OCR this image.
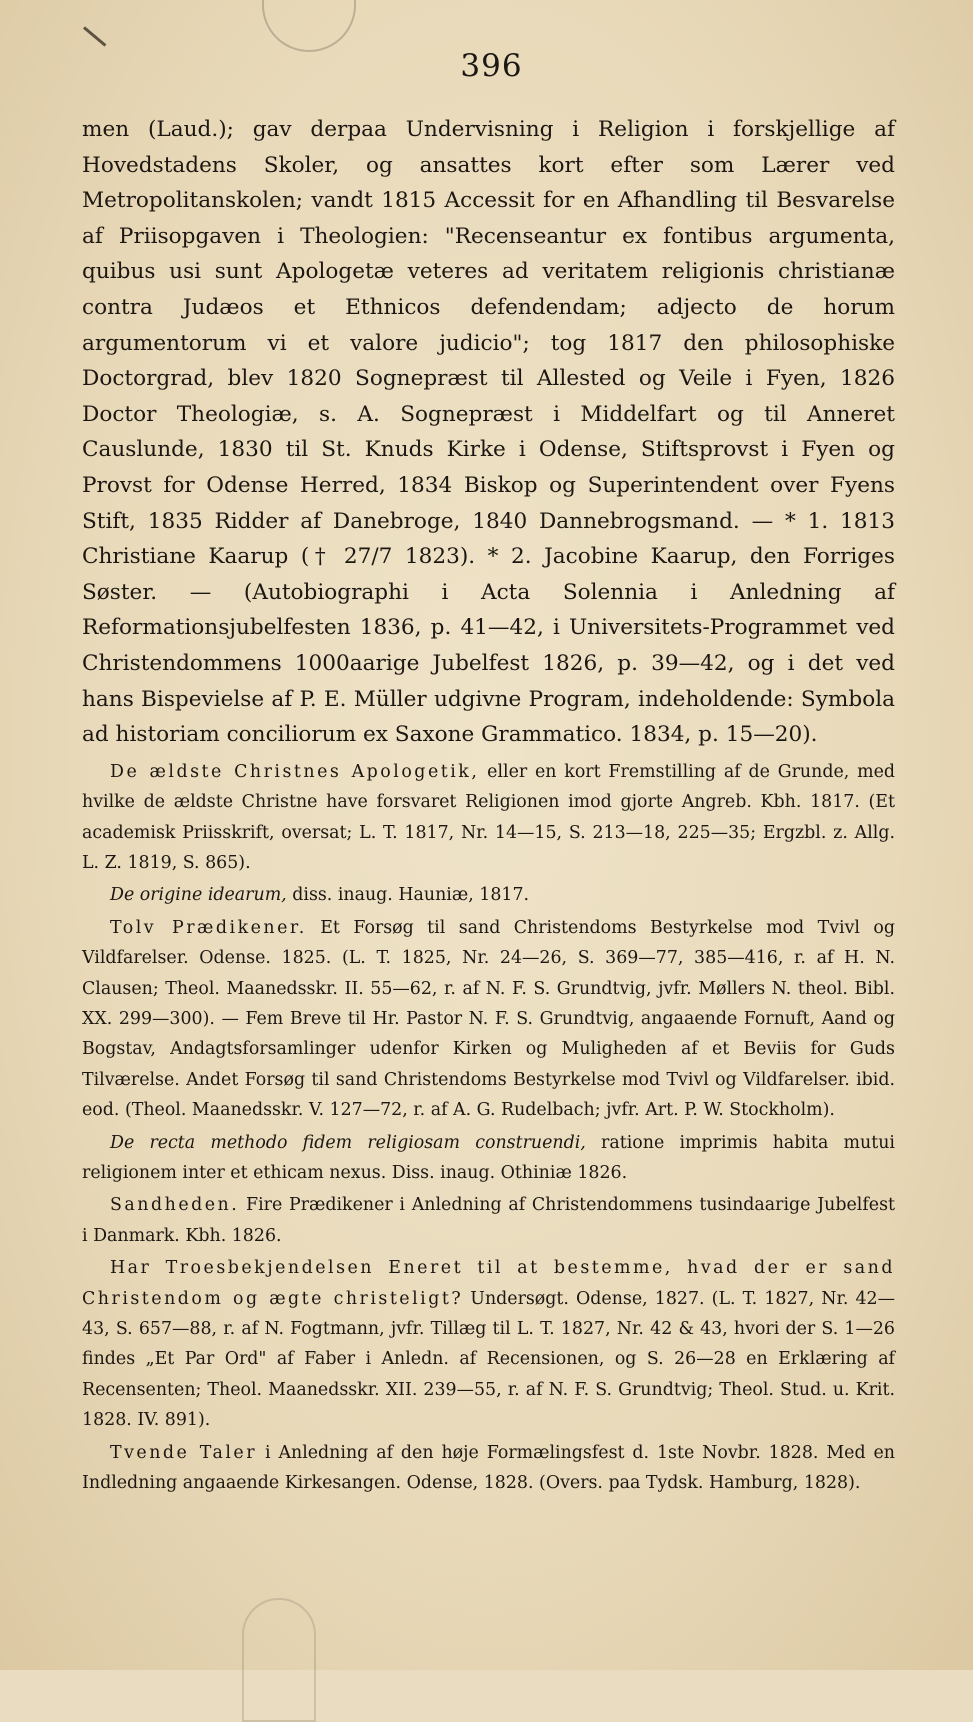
396

men (Laud.); gav derpaa Undervisning i Religion i forskjellige af Hovedstadens Skoler, og ansattes kort efter som Lærer ved Metropolitanskolen; vandt 1815 Accessit for en Afhandling til Besvarelse af Priisopgaven i Theologien: "Recenseantur ex fontibus argumenta, quibus usi sunt Apologetæ veteres ad veritatem religionis christianæ contra Judæos et Ethnicos defendendam; adjecto de horum argumentorum vi et valore judicio"; tog 1817 den philosophiske Doctorgrad, blev 1820 Sognepræst til Allested og Veile i Fyen, 1826 Doctor Theologiæ, s. A. Sognepræst i Middelfart og til Anneret Causlunde, 1830 til St. Knuds Kirke i Odense, Stiftsprovst i Fyen og Provst for Odense Herred, 1834 Biskop og Superintendent over Fyens Stift, 1835 Ridder af Danebroge, 1840 Dannebrogsmand. — * 1. 1813 Christiane Kaarup († 27/7 1823). * 2. Jacobine Kaarup, den Forriges Søster. — (Autobiographi i Acta Solennia i Anledning af Reformationsjubelfesten 1836, p. 41—42, i Universitets-Programmet ved Christendommens 1000aarige Jubelfest 1826, p. 39—42, og i det ved hans Bispevielse af P. E. Müller udgivne Program, indeholdende: Symbola ad historiam conciliorum ex Saxone Grammatico. 1834, p. 15—20).

De ældste Christnes Apologetik, eller en kort Fremstilling af de Grunde, med hvilke de ældste Christne have forsvaret Religionen imod gjorte Angreb. Kbh. 1817. (Et academisk Priisskrift, oversat; L. T. 1817, Nr. 14—15, S. 213—18, 225—35; Ergzbl. z. Allg. L. Z. 1819, S. 865).

De origine idearum, diss. inaug. Hauniæ, 1817.

Tolv Prædikener. Et Forsøg til sand Christendoms Bestyrkelse mod Tvivl og Vildfarelser. Odense. 1825. (L. T. 1825, Nr. 24—26, S. 369—77, 385—416, r. af H. N. Clausen; Theol. Maanedsskr. II. 55—62, r. af N. F. S. Grundtvig, jvfr. Møllers N. theol. Bibl. XX. 299—300). — Fem Breve til Hr. Pastor N. F. S. Grundtvig, angaaende Fornuft, Aand og Bogstav, Andagtsforsamlinger udenfor Kirken og Muligheden af et Beviis for Guds Tilværelse. Andet Forsøg til sand Christendoms Bestyrkelse mod Tvivl og Vildfarelser. ibid. eod. (Theol. Maanedsskr. V. 127—72, r. af A. G. Rudelbach; jvfr. Art. P. W. Stockholm).

De recta methodo fidem religiosam construendi, ratione imprimis habita mutui religionem inter et ethicam nexus. Diss. inaug. Othiniæ 1826.

Sandheden. Fire Prædikener i Anledning af Christendommens tusindaarige Jubelfest i Danmark. Kbh. 1826.

Har Troesbekjendelsen Eneret til at bestemme, hvad der er sand Christendom og ægte christeligt? Undersøgt. Odense, 1827. (L. T. 1827, Nr. 42—43, S. 657—88, r. af N. Fogtmann, jvfr. Tillæg til L. T. 1827, Nr. 42 & 43, hvori der S. 1—26 findes „Et Par Ord" af Faber i Anledn. af Recensionen, og S. 26—28 en Erklæring af Recensenten; Theol. Maanedsskr. XII. 239—55, r. af N. F. S. Grundtvig; Theol. Stud. u. Krit. 1828. IV. 891).

Tvende Taler i Anledning af den høje Formælingsfest d. 1ste Novbr. 1828. Med en Indledning angaaende Kirkesangen. Odense, 1828. (Overs. paa Tydsk. Hamburg, 1828).
